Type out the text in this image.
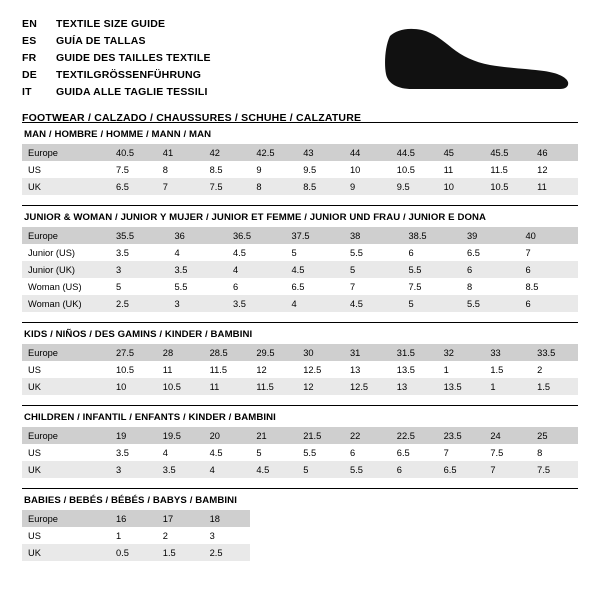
EN	TEXTILE SIZE GUIDE
ES	GUÍA DE TALLAS
FR	GUIDE DES TAILLES TEXTILE
DE	TEXTILGRÖSSENFÜHRUNG
IT	GUIDA ALLE TAGLIE TESSILI
FOOTWEAR / CALZADO / CHAUSSURES / SCHUHE / CALZATURE
MAN / HOMBRE / HOMME / MANN / MAN
Europe	40.5	41	42	42.5	43	44	44.5	45	45.5	46
US	7.5	8	8.5	9	9.5	10	10.5	11	11.5	12
UK	6.5	7	7.5	8	8.5	9	9.5	10	10.5	11
JUNIOR & WOMAN / JUNIOR Y MUJER / JUNIOR ET FEMME / JUNIOR UND FRAU / JUNIOR E DONA
Europe	35.5	36	36.5	37.5	38	38.5	39	40
Junior (US)	3.5	4	4.5	5	5.5	6	6.5	7
Junior (UK)	3	3.5	4	4.5	5	5.5	6	6
Woman (US)	5	5.5	6	6.5	7	7.5	8	8.5
Woman (UK)	2.5	3	3.5	4	4.5	5	5.5	6
KIDS / NIÑOS / DES GAMINS / KINDER / BAMBINI
Europe	27.5	28	28.5	29.5	30	31	31.5	32	33	33.5
US	10.5	11	11.5	12	12.5	13	13.5	1	1.5	2
UK	10	10.5	11	11.5	12	12.5	13	13.5	1	1.5
CHILDREN / INFANTIL / ENFANTS / KINDER / BAMBINI
Europe	19	19.5	20	21	21.5	22	22.5	23.5	24	25
US	3.5	4	4.5	5	5.5	6	6.5	7	7.5	8
UK	3	3.5	4	4.5	5	5.5	6	6.5	7	7.5
BABIES / BEBÉS / BÉBÉS / BABYS / BAMBINI
Europe	16	17	18							
US	1	2	3							
UK	0.5	1.5	2.5							
